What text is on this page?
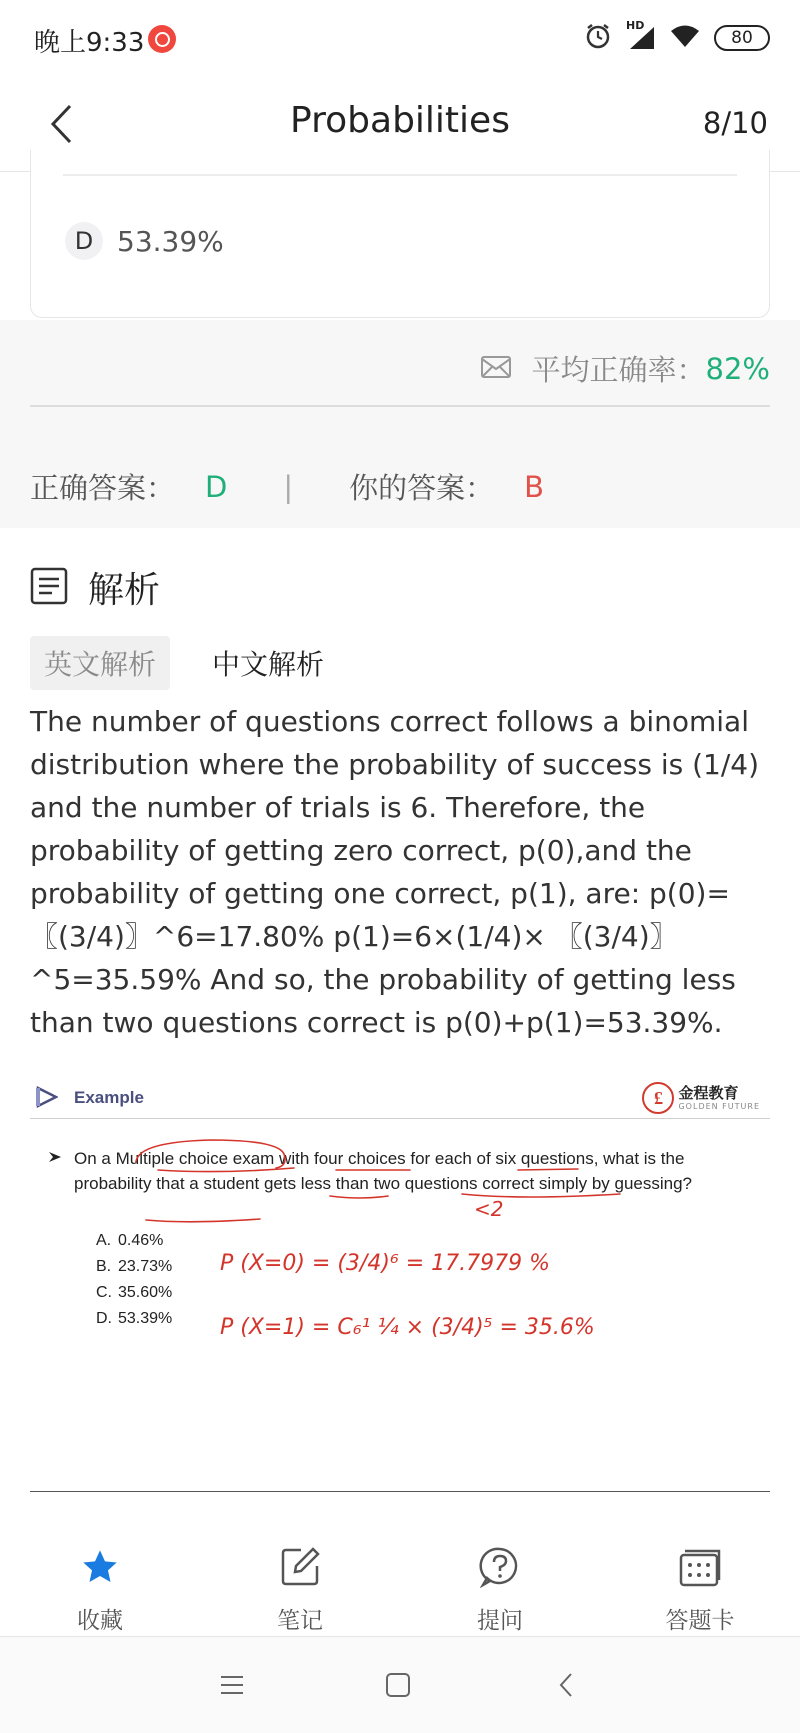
晚上9:33
HD
80
Probabilities	8/10
D 53.39%
平均正确率： 82%
正确答案： D | 你的答案： B
解析
英文解析	中文解析
The number of questions correct follows a binomial distribution where the probability of success is (1/4) and the number of trials is 6. Therefore, the probability of getting zero correct, p(0),and the probability of getting one correct, p(1), are: p(0)=〖(3/4)〗^6=17.80% p(1)=6×(1/4)× 〖(3/4)〗^5=35.59% And so, the probability of getting less than two questions correct is p(0)+p(1)=53.39%.
Example	£	金程教育
GOLDEN FUTURE
On a Multiple choice exam with four choices for each of six questions, what is the probability that a student gets less than two questions correct simply by guessing?
A. 0.46%
B. 23.73%
C. 35.60%
D. 53.39%
<2
P (X=0) = (3/4)⁶ = 17.7979 %
P (X=1) = C₆¹ ¼ × (3/4)⁵ = 35.6%
收藏	笔记	提问	答题卡
